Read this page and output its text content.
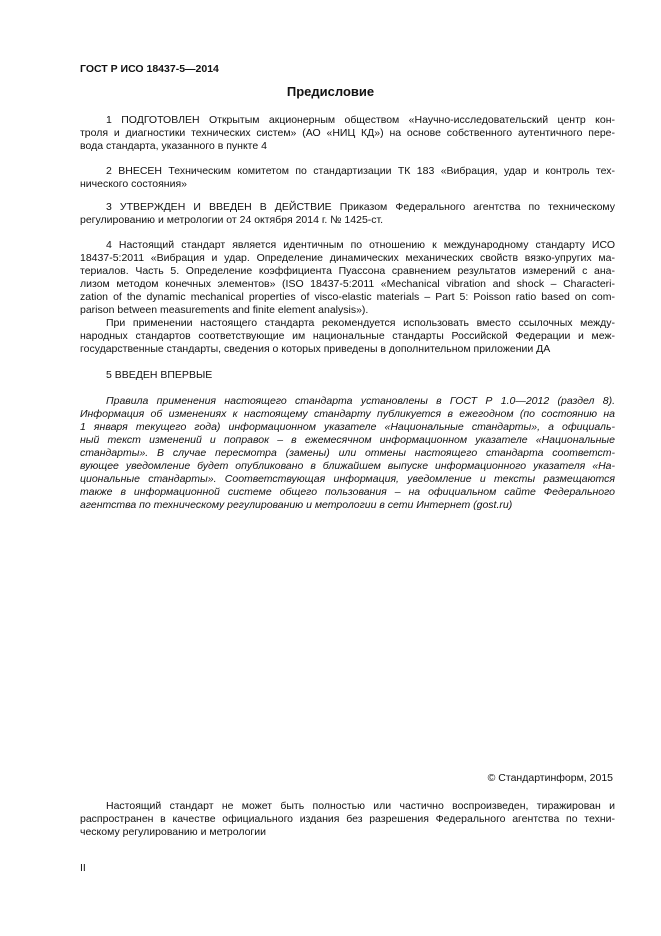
ГОСТ Р ИСО 18437-5—2014
Предисловие
1 ПОДГОТОВЛЕН Открытым акционерным обществом «Научно-исследовательский центр кон-
троля и диагностики технических систем» (АО «НИЦ КД») на основе собственного аутентичного пере-
вода стандарта, указанного в пункте 4
2 ВНЕСЕН Техническим комитетом по стандартизации ТК 183 «Вибрация, удар и контроль тех-
нического состояния»
3 УТВЕРЖДЕН И ВВЕДЕН В ДЕЙСТВИЕ Приказом Федерального агентства по техническому
регулированию и метрологии от 24 октября 2014 г. № 1425-ст.
4 Настоящий стандарт является идентичным по отношению к международному стандарту ИСО
18437-5:2011 «Вибрация и удар. Определение динамических механических свойств вязко-упругих ма-
териалов. Часть 5. Определение коэффициента Пуассона сравнением результатов измерений с ана-
лизом методом конечных элементов» (ISO 18437-5:2011 «Mechanical vibration and shock – Characteri-
zation of the dynamic mechanical properties of visco-elastic materials – Part 5: Poisson ratio based on com-
parison between measurements and finite element analysis»).
При применении настоящего стандарта рекомендуется использовать вместо ссылочных между-
народных стандартов соответствующие им национальные стандарты Российской Федерации и меж-
государственные стандарты, сведения о которых приведены в дополнительном приложении ДА
5 ВВЕДЕН ВПЕРВЫЕ
Правила применения настоящего стандарта установлены в ГОСТ Р 1.0—2012 (раздел 8).
Информация об изменениях к настоящему стандарту публикуется в ежегодном (по состоянию на
1 января текущего года) информационном указателе «Национальные стандарты», а официаль-
ный текст изменений и поправок – в ежемесячном информационном указателе «Национальные
стандарты». В случае пересмотра (замены) или отмены настоящего стандарта соответст-
вующее уведомление будет опубликовано в ближайшем выпуске информационного указателя «На-
циональные стандарты». Соответствующая информация, уведомление и тексты размещаются
также в информационной системе общего пользования – на официальном сайте Федерального
агентства по техническому регулированию и метрологии в сети Интернет (gost.ru)
© Стандартинформ, 2015
Настоящий стандарт не может быть полностью или частично воспроизведен, тиражирован и
распространен в качестве официального издания без разрешения Федерального агентства по техни-
ческому регулированию и метрологии
II
